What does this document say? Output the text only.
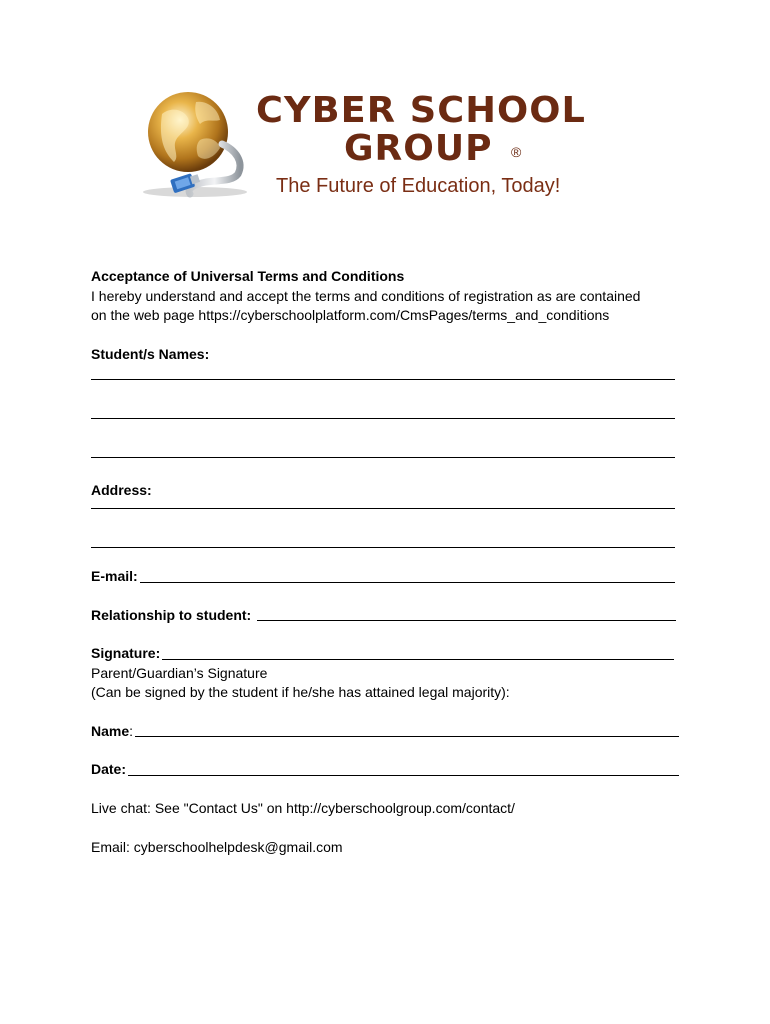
CYBER SCHOOL
GROUP ®
The Future of Education, Today!
Acceptance of Universal Terms and Conditions
I hereby understand and accept the terms and conditions of registration as are contained
on the web page https://cyberschoolplatform.com/CmsPages/terms_and_conditions
Student/s Names:
Address:
E-mail:
Relationship to student:
Signature:
Parent/Guardian’s Signature
(Can be signed by the student if he/she has attained legal majority):
Name :
Date:
Live chat: See "Contact Us" on http://cyberschoolgroup.com/contact/
Email: cyberschoolhelpdesk@gmail.com
